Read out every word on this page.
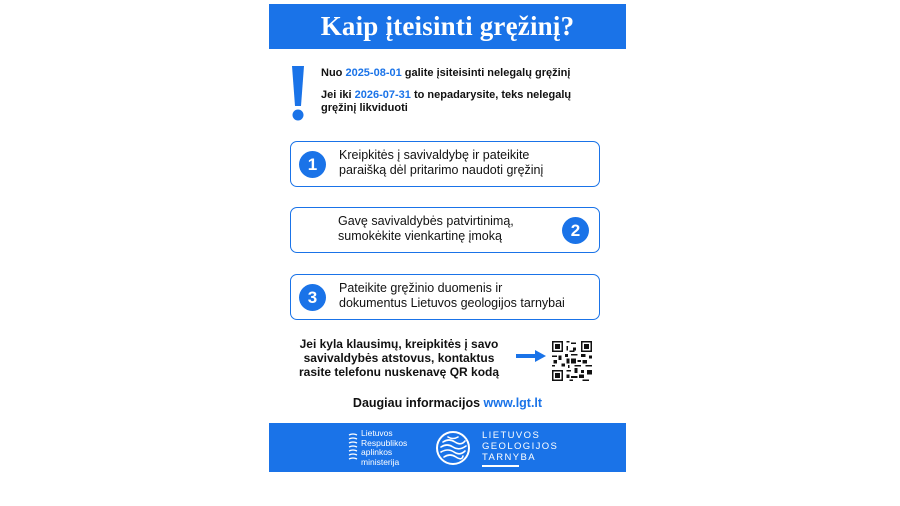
Kaip įteisinti gręžinį?
Nuo 2025-08-01 galite įsiteisinti nelegalų gręžinį
Jei iki 2026-07-31 to nepadarysite, teks nelegalų
gręžinį likviduoti
1	Kreipkitės į savivaldybę ir pateikite
paraišką dėl pritarimo naudoti gręžinį
Gavę savivaldybės patvirtinimą,
sumokėkite vienkartinę įmoką	2
3	Pateikite gręžinio duomenis ir
dokumentus Lietuvos geologijos tarnybai
Jei kyla klausimų, kreipkitės į savo
savivaldybės atstovus, kontaktus
rasite telefonu nuskenavę QR kodą
Daugiau informacijos www.lgt.lt
Lietuvos
Respublikos
aplinkos
ministerija
LIETUVOS
GEOLOGIJOS
TARNYBA
